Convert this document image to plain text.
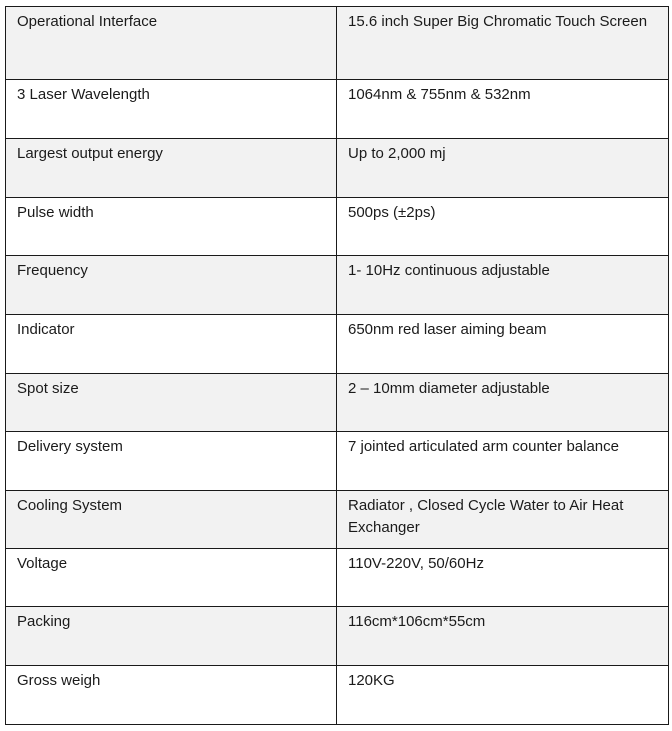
Operational Interface	15.6 inch Super Big Chromatic Touch Screen
3 Laser Wavelength	1064nm & 755nm & 532nm
Largest output energy	Up to 2,000 mj
Pulse width	500ps (±2ps)
Frequency	1- 10Hz continuous adjustable
Indicator	650nm red laser aiming beam
Spot size	2 – 10mm diameter adjustable
Delivery system	7 jointed articulated arm counter balance
Cooling System	Radiator , Closed Cycle Water to Air Heat Exchanger
Voltage	110V-220V, 50/60Hz
Packing	116cm*106cm*55cm
Gross weigh	120KG
